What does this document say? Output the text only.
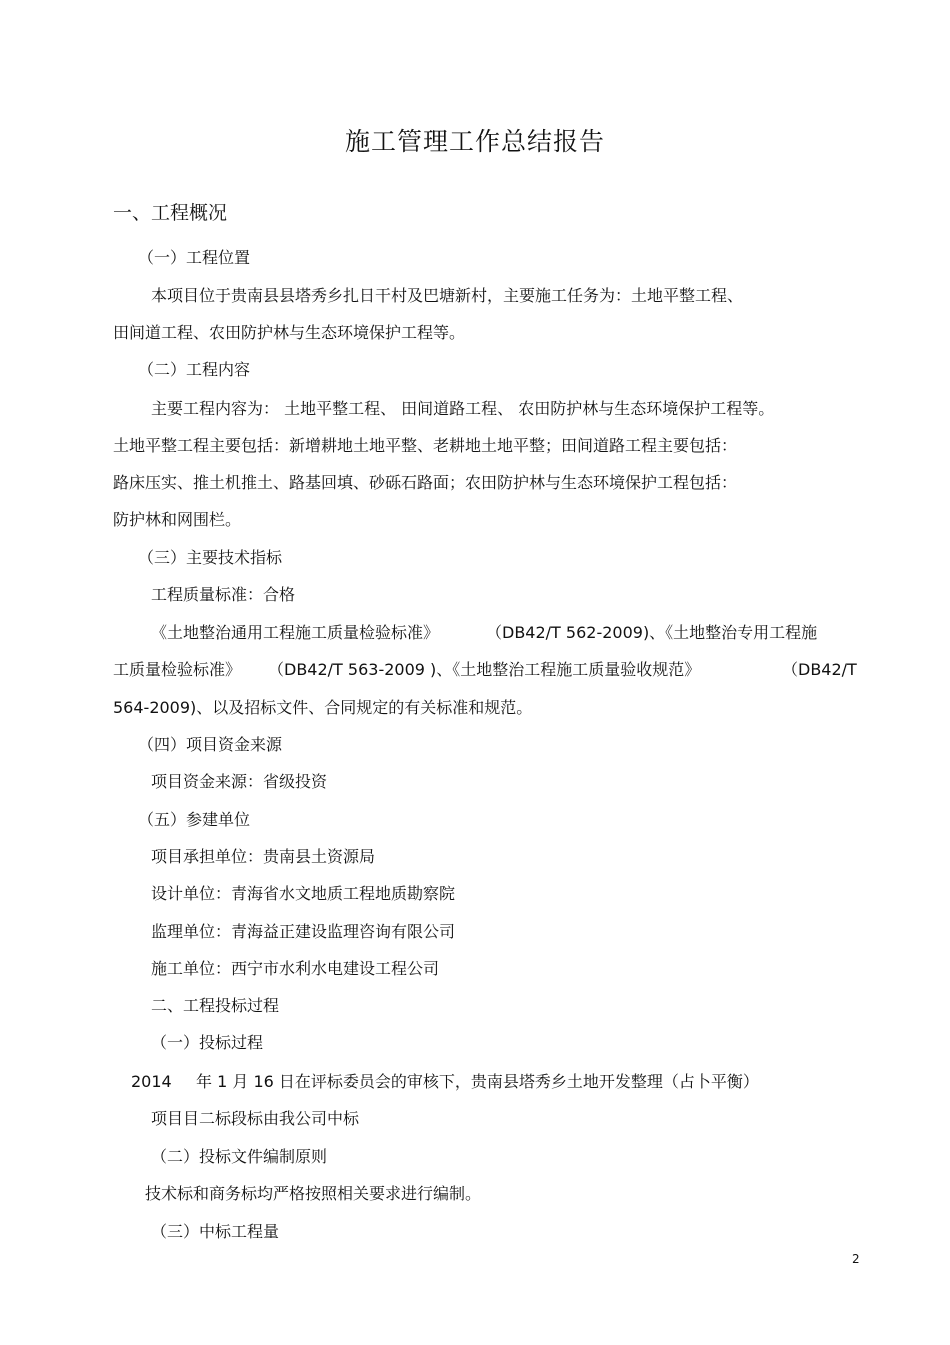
施工管理工作总结报告
一、工程概况
（一）工程位置
本项目位于贵南县县塔秀乡扎日干村及巴塘新村，主要施工任务为：土地平整工程、
田间道工程、农田防护林与生态环境保护工程等。
（二）工程内容
主要工程内容为： 土地平整工程、 田间道路工程、 农田防护林与生态环境保护工程等。
土地平整工程主要包括：新增耕地土地平整、老耕地土地平整；田间道路工程主要包括：
路床压实、推土机推土、路基回填、砂砾石路面；农田防护林与生态环境保护工程包括：
防护林和网围栏。
（三）主要技术指标
工程质量标准：合格
《土地整治通用工程施工质量检验标准》	（DB42/T 562-2009)、《土地整治专用工程施
工质量检验标准》 （DB42/T 563-2009 )、《土地整治工程施工质量验收规范》	（DB42/T
564-2009)、以及招标文件、合同规定的有关标准和规范。
（四）项目资金来源
项目资金来源：省级投资
（五）参建单位
项目承担单位：贵南县土资源局
设计单位：青海省水文地质工程地质勘察院
监理单位：青海益正建设监理咨询有限公司
施工单位：西宁市水利水电建设工程公司
二、工程投标过程
（一）投标过程
2014 年 1 月 16 日在评标委员会的审核下，贵南县塔秀乡土地开发整理（占卜平衡）
项目目二标段标由我公司中标
（二）投标文件编制原则
技术标和商务标均严格按照相关要求进行编制。
（三）中标工程量
2
